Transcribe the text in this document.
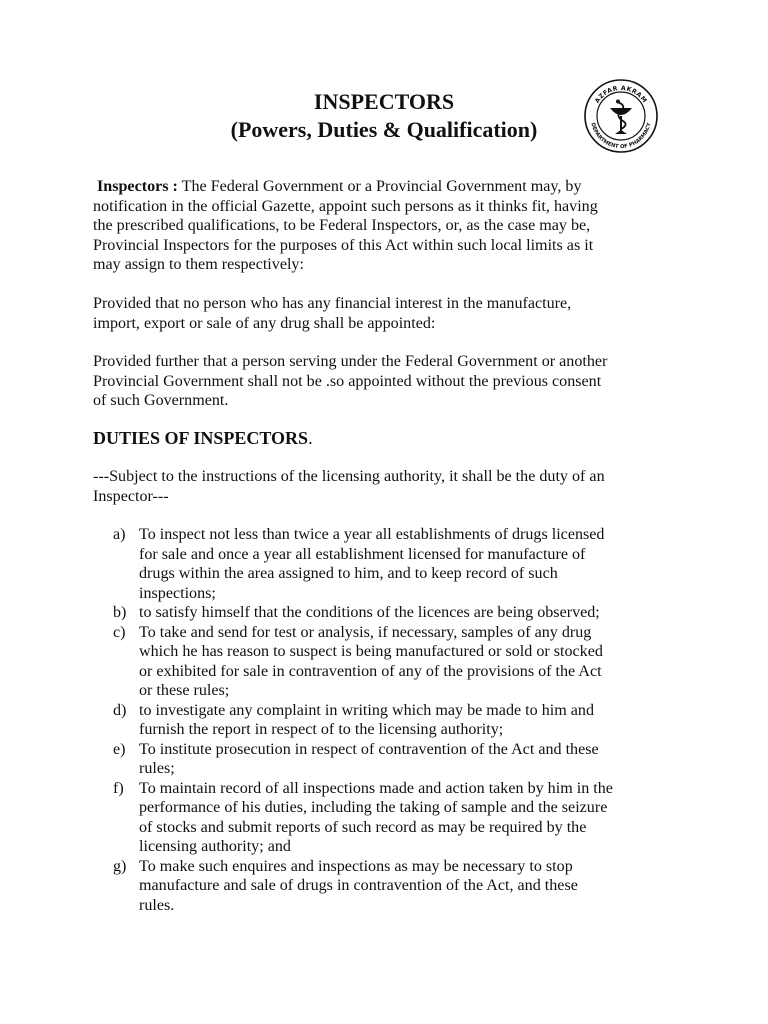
INSPECTORS
(Powers, Duties & Qualification)
AZFAR AKRAM
DEPARTMENT OF PHARMACY
Inspectors : The Federal Government or a Provincial Government may, by
notification in the official Gazette, appoint such persons as it thinks fit, having
the prescribed qualifications, to be Federal Inspectors, or, as the case may be,
Provincial Inspectors for the purposes of this Act within such local limits as it
may assign to them respectively:
Provided that no person who has any financial interest in the manufacture,
import, export or sale of any drug shall be appointed:
Provided further that a person serving under the Federal Government or another
Provincial Government shall not be .so appointed without the previous consent
of such Government.
DUTIES OF INSPECTORS.
---Subject to the instructions of the licensing authority, it shall be the duty of an
Inspector---
a) To inspect not less than twice a year all establishments of drugs licensed
for sale and once a year all establishment licensed for manufacture of
drugs within the area assigned to him, and to keep record of such
inspections;
b) to satisfy himself that the conditions of the licences are being observed;
c) To take and send for test or analysis, if necessary, samples of any drug
which he has reason to suspect is being manufactured or sold or stocked
or exhibited for sale in contravention of any of the provisions of the Act
or these rules;
d) to investigate any complaint in writing which may be made to him and
furnish the report in respect of to the licensing authority;
e) To institute prosecution in respect of contravention of the Act and these
rules;
f) To maintain record of all inspections made and action taken by him in the
performance of his duties, including the taking of sample and the seizure
of stocks and submit reports of such record as may be required by the
licensing authority; and
g) To make such enquires and inspections as may be necessary to stop
manufacture and sale of drugs in contravention of the Act, and these
rules.
